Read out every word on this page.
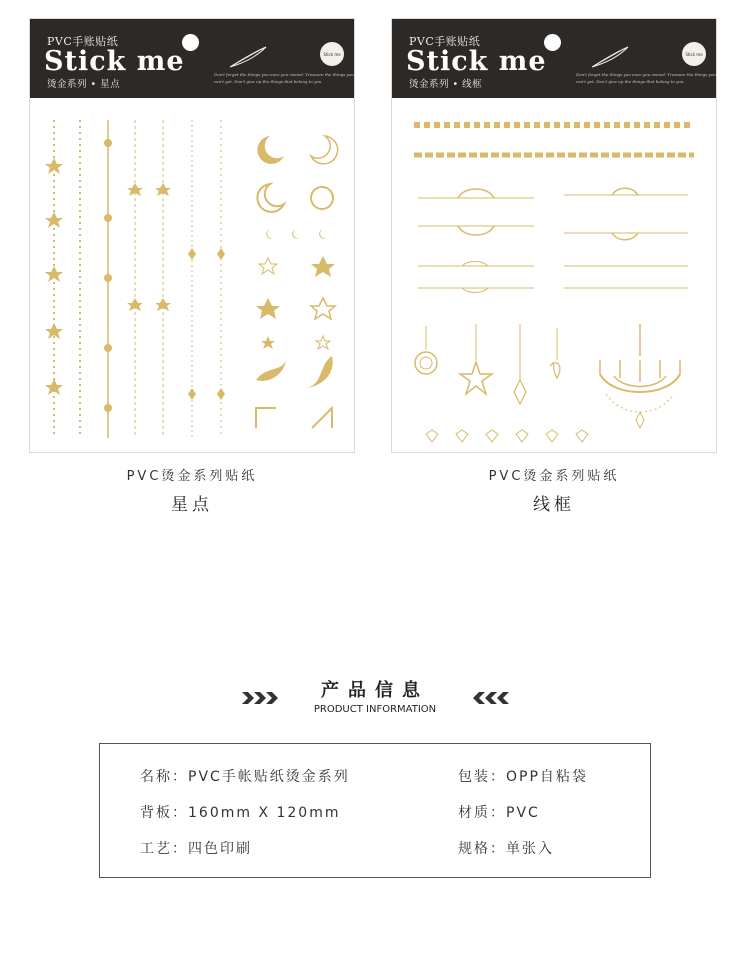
PVC手账贴纸
Stick me
烫金系列 • 星点
Don't forget the things you once you owned. Treasure the things you can't get. Don't give up the things that belong to you.
Stick me
PVC手账贴纸
Stick me
烫金系列 • 线框
Don't forget the things you once you owned. Treasure the things you can't get. Don't give up the things that belong to you.
Stick me
PVC烫金系列贴纸
星点
PVC烫金系列贴纸
线框
产品信息
PRODUCT INFORMATION
名称：PVC手帐贴纸烫金系列	包装：OPP自粘袋
背板：160mm X 120mm	材质：PVC
工艺：四色印刷	规格：单张入
